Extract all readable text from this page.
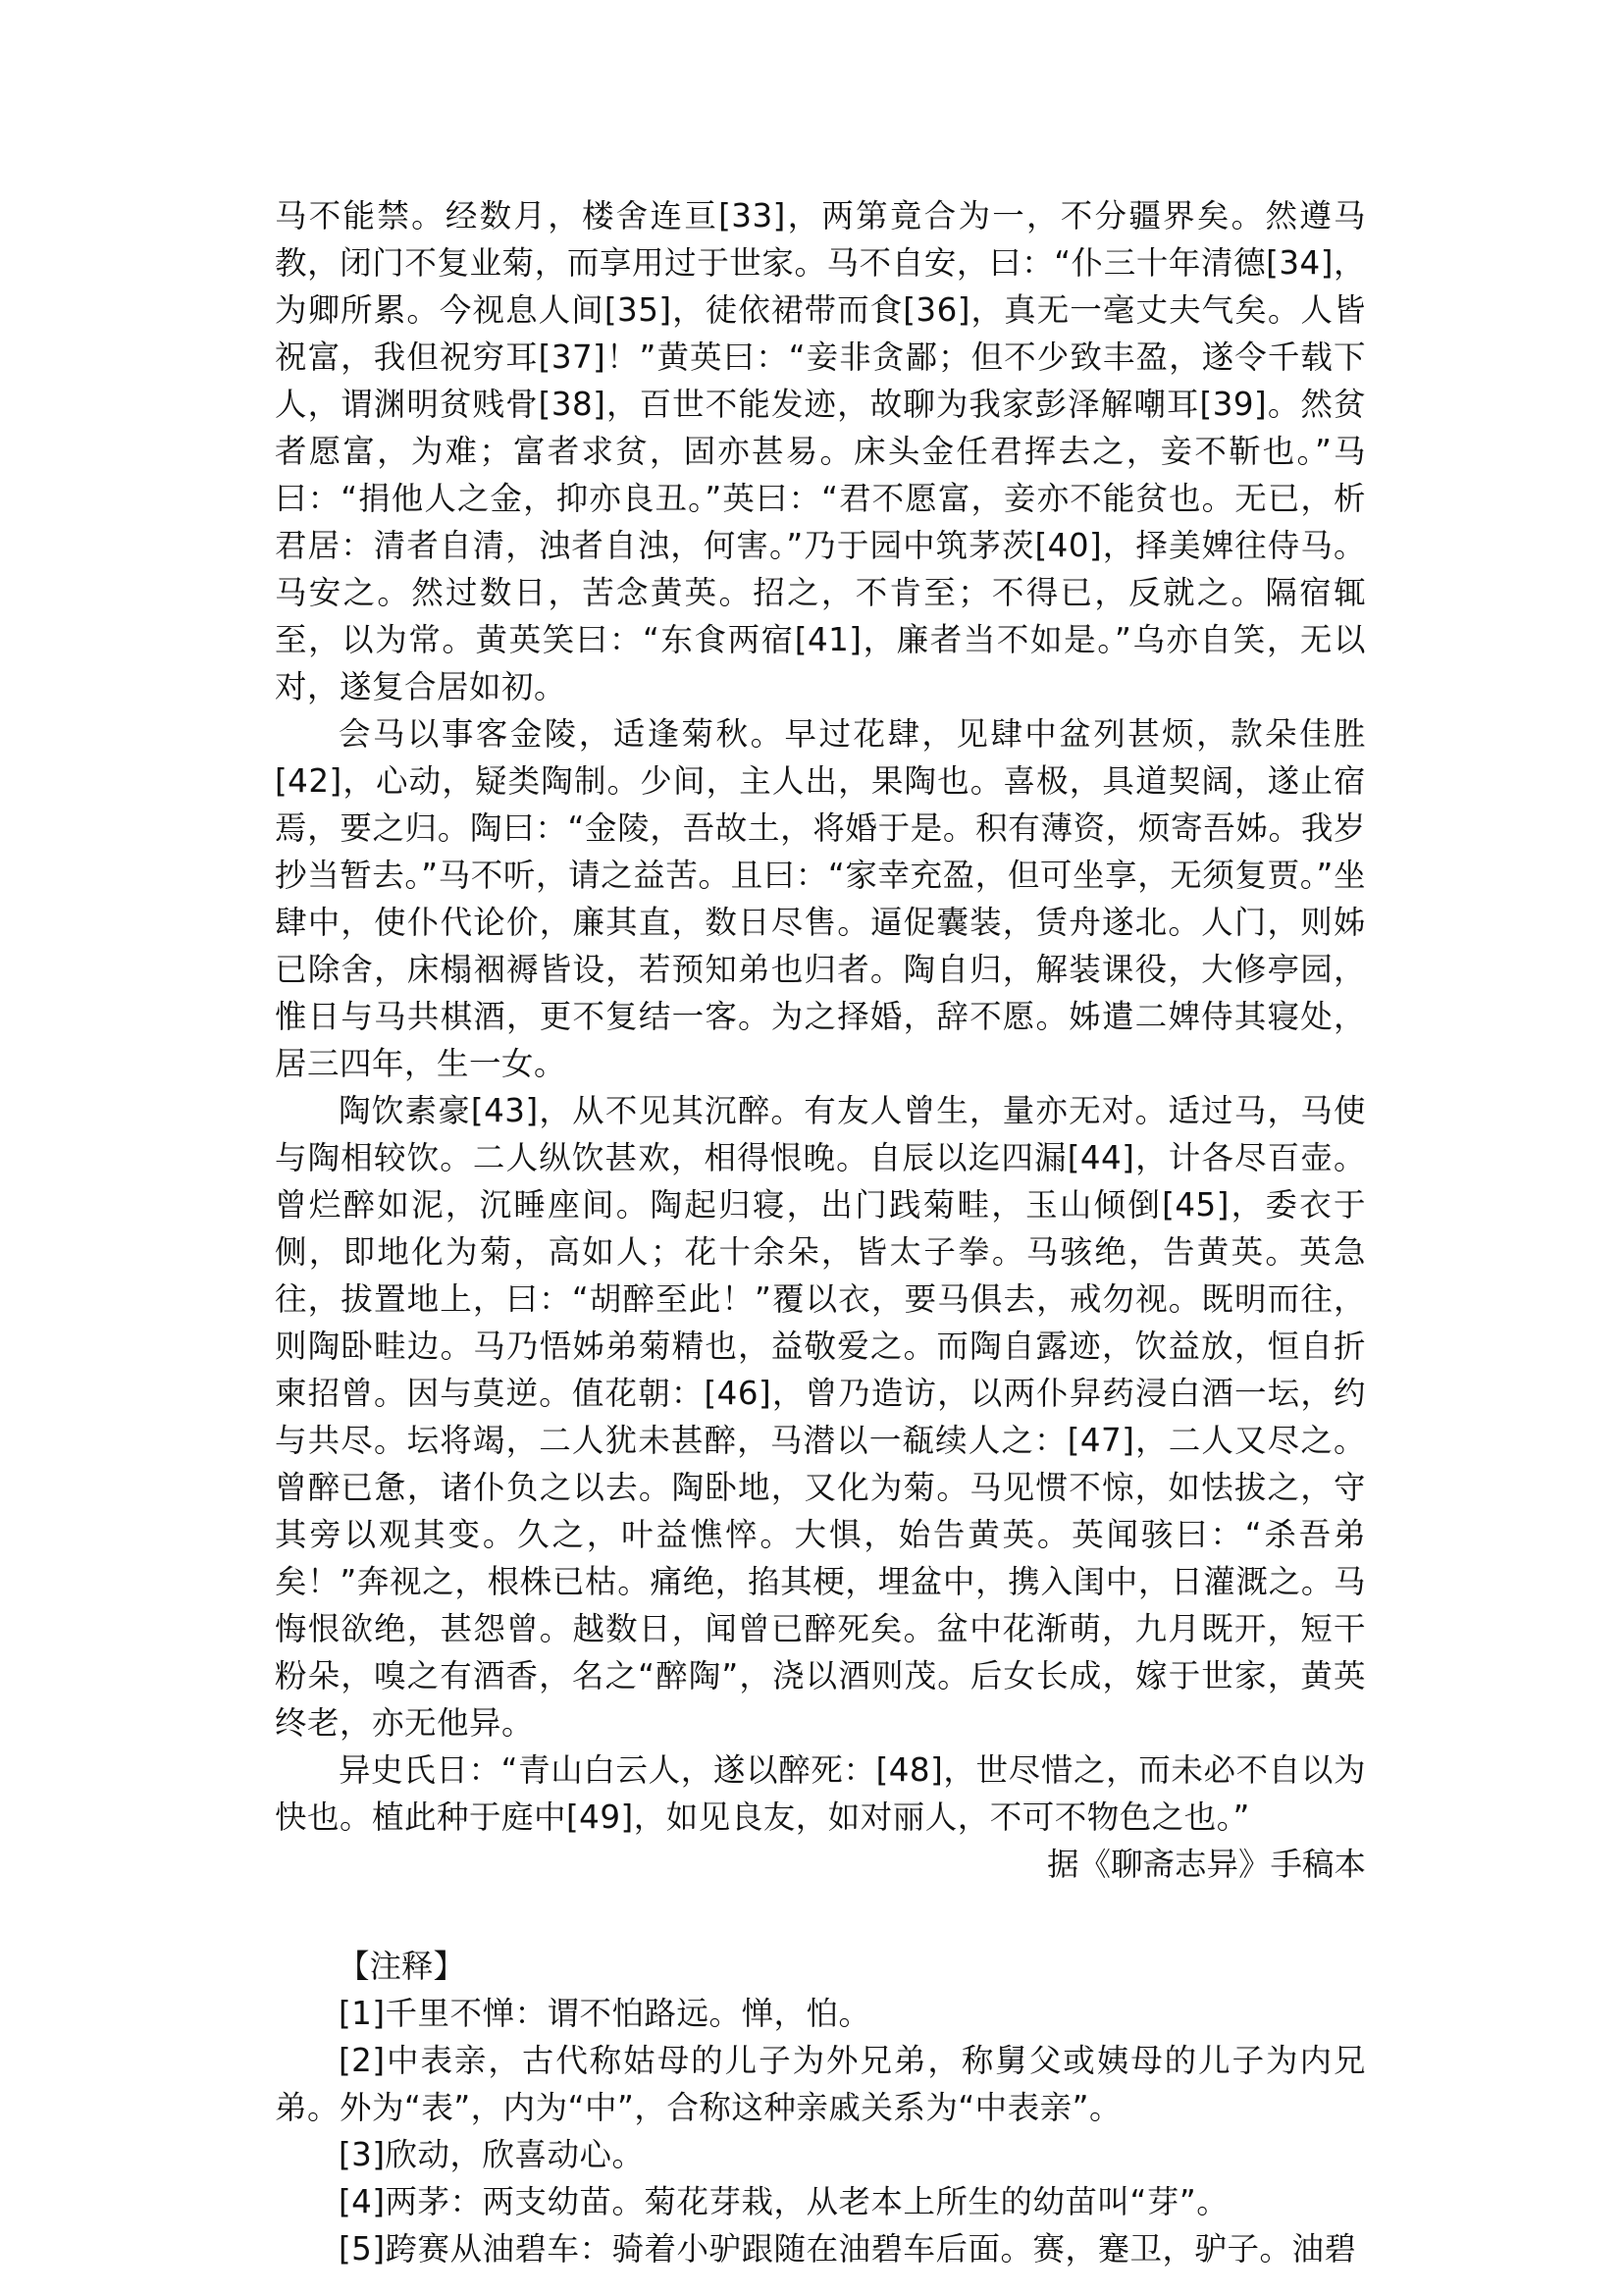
马不能禁。经数月，楼舍连亘[33]，两第竟合为一，不分疆界矣。然遵马教，闭门不复业菊，而享用过于世家。马不自安，曰：“仆三十年清德[34]，为卿所累。今视息人间[35]，徒依裙带而食[36]，真无一毫丈夫气矣。人皆祝富，我但祝穷耳[37]！”黄英曰：“妾非贪鄙；但不少致丰盈，遂令千载下人，谓渊明贫贱骨[38]，百世不能发迹，故聊为我家彭泽解嘲耳[39]。然贫者愿富，为难；富者求贫，固亦甚易。床头金任君挥去之，妾不靳也。”马曰：“捐他人之金，抑亦良丑。”英曰：“君不愿富，妾亦不能贫也。无已，析君居：清者自清，浊者自浊，何害。”乃于园中筑茅茨[40]，择美婢往侍马。马安之。然过数日，苦念黄英。招之，不肯至；不得已，反就之。隔宿辄至，以为常。黄英笑曰：“东食两宿[41]，廉者当不如是。”乌亦自笑，无以对，遂复合居如初。

会马以事客金陵，适逢菊秋。早过花肆，见肆中盆列甚烦，款朵佳胜[42]，心动，疑类陶制。少间，主人出，果陶也。喜极，具道契阔，遂止宿焉，要之归。陶曰：“金陵，吾故土，将婚于是。积有薄资，烦寄吾姊。我岁抄当暂去。”马不听，请之益苦。且曰：“家幸充盈，但可坐享，无须复贾。”坐肆中，使仆代论价，廉其直，数日尽售。逼促囊装，赁舟遂北。人门，则姊已除舍，床榻裀褥皆设，若预知弟也归者。陶自归，解装课役，大修亭园，惟日与马共棋酒，更不复结一客。为之择婚，辞不愿。姊遣二婢侍其寝处，居三四年，生一女。

陶饮素豪[43]，从不见其沉醉。有友人曾生，量亦无对。适过马，马使与陶相较饮。二人纵饮甚欢，相得恨晚。自辰以迄四漏[44]，计各尽百壶。曾烂醉如泥，沉睡座间。陶起归寝，出门践菊畦，玉山倾倒[45]，委衣于侧，即地化为菊，高如人；花十余朵，皆太子拳。马骇绝，告黄英。英急往，拔置地上，曰：“胡醉至此！”覆以衣，要马俱去，戒勿视。既明而往，则陶卧畦边。马乃悟姊弟菊精也，益敬爱之。而陶自露迹，饮益放，恒自折柬招曾。因与莫逆。值花朝：[46]，曾乃造访，以两仆舁药浸白酒一坛，约与共尽。坛将竭，二人犹未甚醉，马潜以一瓻续人之：[47]，二人又尽之。曾醉已惫，诸仆负之以去。陶卧地，又化为菊。马见惯不惊，如怯拔之，守其旁以观其变。久之，叶益憔悴。大惧，始告黄英。英闻骇曰：“杀吾弟矣！”奔视之，根株已枯。痛绝，掐其梗，埋盆中，携入闺中，日灌溉之。马悔恨欲绝，甚怨曾。越数日，闻曾已醉死矣。盆中花渐萌，九月既开，短干粉朵，嗅之有酒香，名之“醉陶”，浇以酒则茂。后女长成，嫁于世家，黄英终老，亦无他异。

异史氏日：“青山白云人，遂以醉死：[48]，世尽惜之，而未必不自以为快也。植此种于庭中[49]，如见良友，如对丽人，不可不物色之也。”

据《聊斋志异》手稿本

【注释】

[1]千里不惮：谓不怕路远。惮，怕。

[2]中表亲，古代称姑母的儿子为外兄弟，称舅父或姨母的儿子为内兄弟。外为“表”，内为“中”，合称这种亲戚关系为“中表亲”。

[3]欣动，欣喜动心。

[4]两茅：两支幼苗。菊花芽栽，从老本上所生的幼苗叫“芽”。

[5]跨赛从油碧车：骑着小驴跟随在油碧车后面。赛，蹇卫，驴子。油碧
